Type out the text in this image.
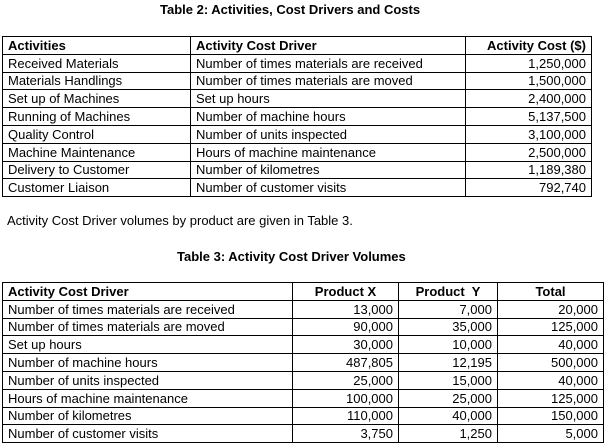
Table 2: Activities, Cost Drivers and Costs
Activities	Activity Cost Driver	Activity Cost ($)
Received Materials	Number of times materials are received	1,250,000
Materials Handlings	Number of times materials are moved	1,500,000
Set up of Machines	Set up hours	2,400,000
Running of Machines	Number of machine hours	5,137,500
Quality Control	Number of units inspected	3,100,000
Machine Maintenance	Hours of machine maintenance	2,500,000
Delivery to Customer	Number of kilometres	1,189,380
Customer Liaison	Number of customer visits	792,740
Activity Cost Driver volumes by product are given in Table 3.
Table 3: Activity Cost Driver Volumes
Activity Cost Driver	Product X	Product  Y	Total
Number of times materials are received	13,000	7,000	20,000
Number of times materials are moved	90,000	35,000	125,000
Set up hours	30,000	10,000	40,000
Number of machine hours	487,805	12,195	500,000
Number of units inspected	25,000	15,000	40,000
Hours of machine maintenance	100,000	25,000	125,000
Number of kilometres	110,000	40,000	150,000
Number of customer visits	3,750	1,250	5,000
